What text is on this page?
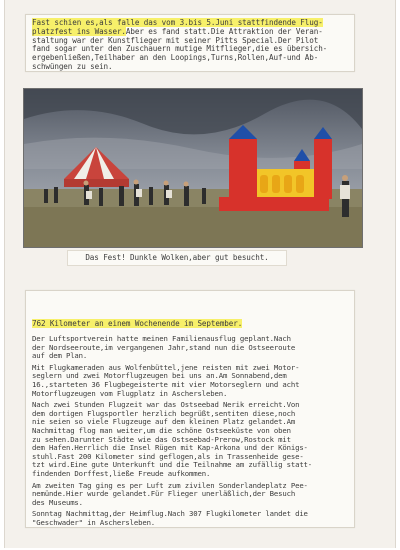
Fast schien es,als falle das vom 3.bis 5.Juni stattfindende Flug-
platzfest ins Wasser.Aber es fand statt.Die Attraktion der Veran-
staltung war der Kunstflieger mit seiner Pitts Special.Der Pilot
fand sogar unter den Zuschauern mutige Mitflieger,die es übersich-
ergebenließen,Teilhaber an den Loopings,Turns,Rollen,Auf-und Ab-
schwüngen zu sein.

Das Fest! Dunkle Wolken,aber gut besucht.
762 Kilometer an einem Wochenende im September.

Der Luftsportverein hatte meinen Familienausflug geplant.Nach
der Nordseeroute,im vergangenen Jahr,stand nun die Ostseeroute
auf dem Plan.

Mit Flugkameraden aus Wolfenbüttel,jene reisten mit zwei Motor-
seglern und zwei Motorflugzeugen bei uns an.Am Sonnabend,dem
16.,starteten 36 Flugbegeisterte mit vier Motorseglern und acht
Motorflugzeugen vom Flugplatz in Aschersleben.

Nach zwei Stunden Flugzeit war das Ostseebad Nerik erreicht.Von
dem dortigen Flugsportler herzlich begrüßt,sentiten diese,noch
nie seien so viele Flugzeuge auf dem kleinen Platz gelandet.Am
Nachmittag flog man weiter,um die schöne Ostseeküste von oben
zu sehen.Darunter Städte wie das Ostseebad-Prerow,Rostock mit
dem Hafen.Herrlich die Insel Rügen mit Kap-Arkona und der Königs-
stuhl.Fast 200 Kilometer sind geflogen,als in Trassenheide gese-
tzt wird.Eine gute Unterkunft und die Teilnahme am zufällig statt-
findenden Dorffest,ließe Freude aufkommen.

Am zweiten Tag ging es per Luft zum zivilen Sonderlandeplatz Pee-
nemünde.Hier wurde gelandet.Für Flieger unerläßlich,der Besuch
des Museums.

Sonntag Nachmittag,der Heimflug.Nach 307 Flugkilometer landet die
"Geschwader" in Aschersleben.
